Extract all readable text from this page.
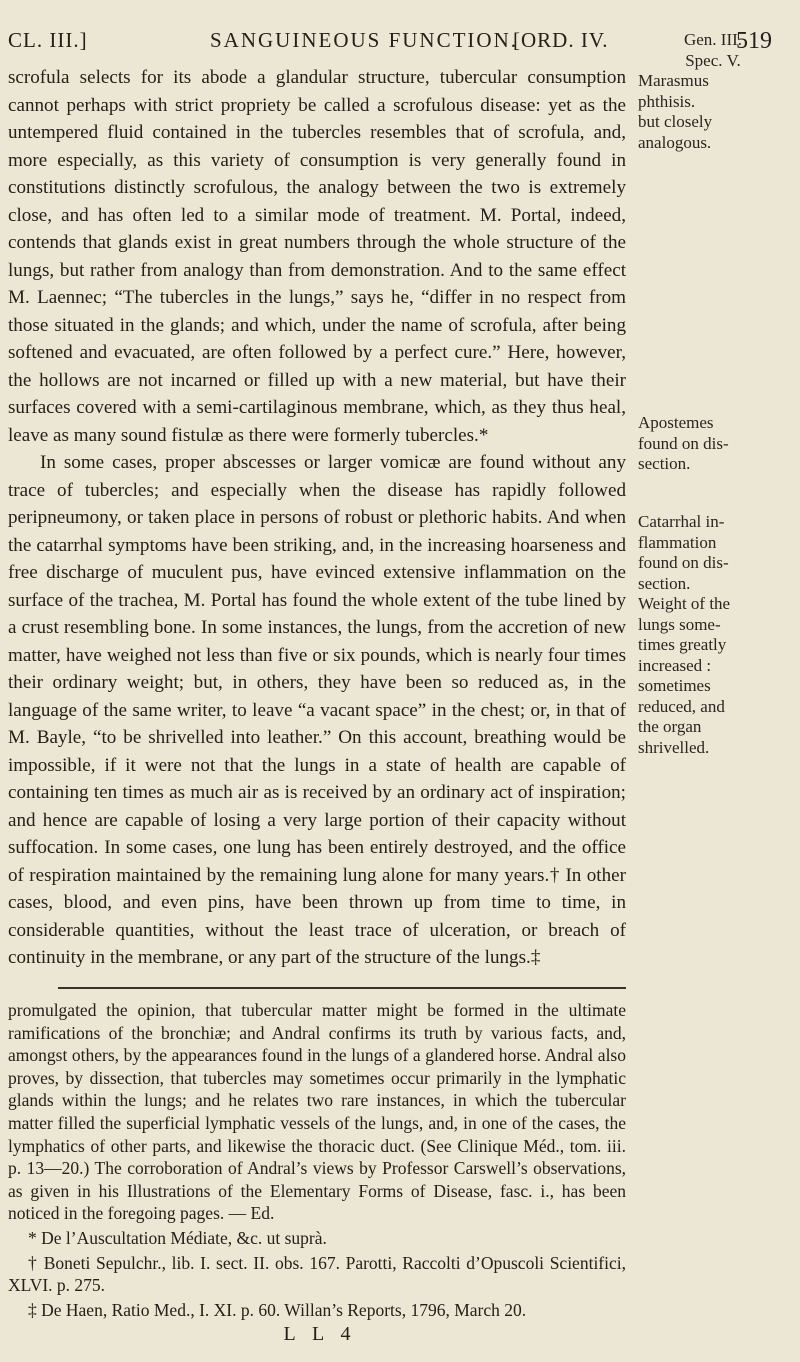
CL. III.]	SANGUINEOUS FUNCTION.
[ORD. IV.	519

scrofula selects for its abode a glandular structure, tubercular consumption cannot perhaps with strict propriety be called a scrofulous disease: yet as the untempered fluid contained in the tubercles resembles that of scrofula, and, more especially, as this variety of consumption is very generally found in constitutions distinctly scrofulous, the analogy between the two is extremely close, and has often led to a similar mode of treatment. M. Portal, indeed, contends that glands exist in great numbers through the whole structure of the lungs, but rather from analogy than from demonstration. And to the same effect M. Laennec; “The tubercles in the lungs,” says he, “differ in no respect from those situated in the glands; and which, under the name of scrofula, after being softened and evacuated, are often followed by a perfect cure.” Here, however, the hollows are not incarned or filled up with a new material, but have their surfaces covered with a semi-cartilaginous membrane, which, as they thus heal, leave as many sound fistulæ as there were formerly tubercles.*

In some cases, proper abscesses or larger vomicæ are found without any trace of tubercles; and especially when the disease has rapidly followed peripneumony, or taken place in persons of robust or plethoric habits. And when the catarrhal symptoms have been striking, and, in the increasing hoarseness and free discharge of muculent pus, have evinced extensive inflammation on the surface of the trachea, M. Portal has found the whole extent of the tube lined by a crust resembling bone. In some instances, the lungs, from the accretion of new matter, have weighed not less than five or six pounds, which is nearly four times their ordinary weight; but, in others, they have been so reduced as, in the language of the same writer, to leave “a vacant space” in the chest; or, in that of M. Bayle, “to be shrivelled into leather.” On this account, breathing would be impossible, if it were not that the lungs in a state of health are capable of containing ten times as much air as is received by an ordinary act of inspiration; and hence are capable of losing a very large portion of their capacity without suffocation. In some cases, one lung has been entirely destroyed, and the office of respiration maintained by the remaining lung alone for many years.† In other cases, blood, and even pins, have been thrown up from time to time, in considerable quantities, without the least trace of ulceration, or breach of continuity in the membrane, or any part of the structure of the lungs.‡

Gen. III.
Spec. V.
Marasmus
phthisis.
but closely
analogous.
Apostemes
found on dis-
section.
Catarrhal in-
flammation
found on dis-
section.
Weight of the
lungs some-
times greatly
increased :
sometimes
reduced, and
the organ
shrivelled.

promulgated the opinion, that tubercular matter might be formed in the ultimate ramifications of the bronchiæ; and Andral confirms its truth by various facts, and, amongst others, by the appearances found in the lungs of a glandered horse. Andral also proves, by dissection, that tubercles may sometimes occur primarily in the lymphatic glands within the lungs; and he relates two rare instances, in which the tubercular matter filled the superficial lymphatic vessels of the lungs, and, in one of the cases, the lymphatics of other parts, and likewise the thoracic duct. (See Clinique Méd., tom. iii. p. 13—20.) The corroboration of Andral’s views by Professor Carswell’s observations, as given in his Illustrations of the Elementary Forms of Disease, fasc. i., has been noticed in the foregoing pages. — Ed.

* De l’Auscultation Médiate, &c. ut suprà.

† Boneti Sepulchr., lib. I. sect. II. obs. 167. Parotti, Raccolti d’Opuscoli Scientifici, XLVI. p. 275.

‡ De Haen, Ratio Med., I. XI. p. 60. Willan’s Reports, 1796, March 20.

L L 4
